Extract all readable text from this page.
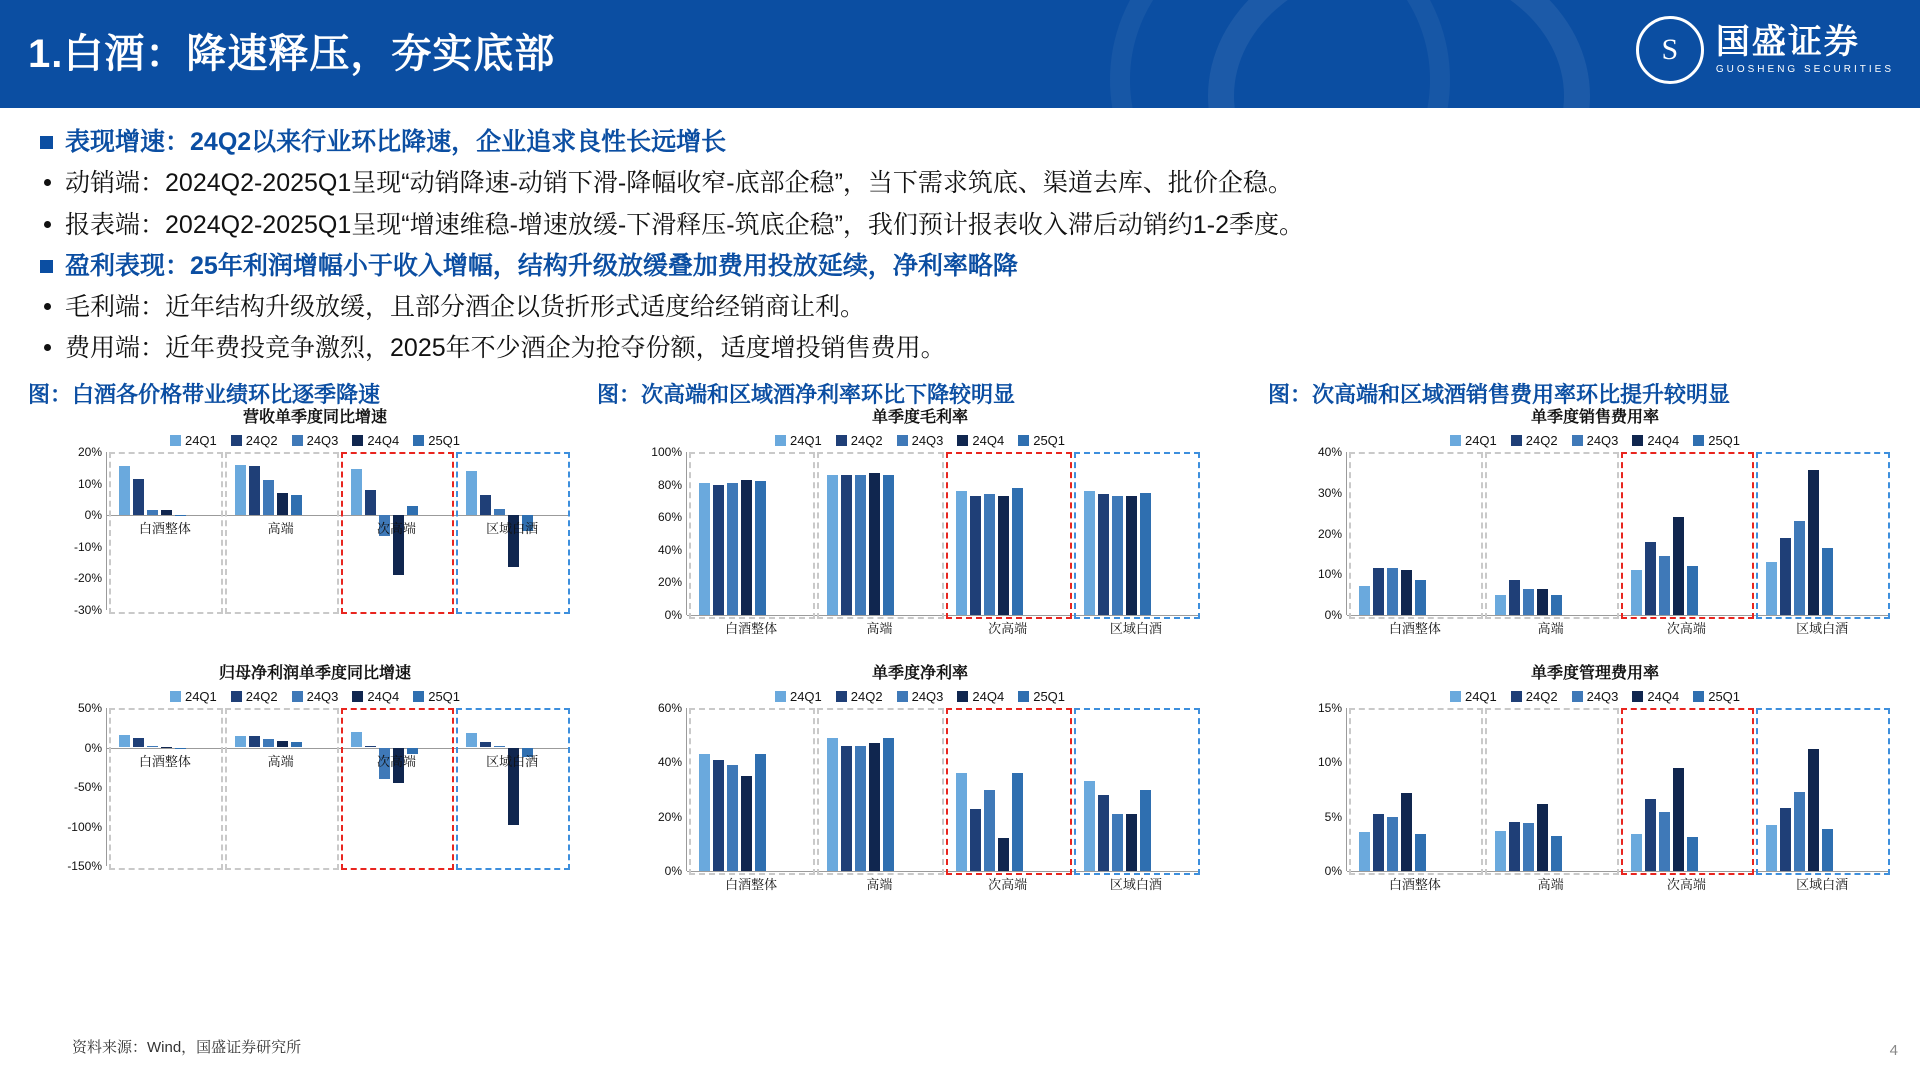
1.白酒：降速释压，夯实底部	S	国盛证券
GUOSHENG SECURITIES
表现增速：24Q2以来行业环比降速，企业追求良性长远增长
动销端：2024Q2-2025Q1呈现“动销降速-动销下滑-降幅收窄-底部企稳”，当下需求筑底、渠道去库、批价企稳。
报表端：2024Q2-2025Q1呈现“增速维稳-增速放缓-下滑释压-筑底企稳”，我们预计报表收入滞后动销约1-2季度。
盈利表现：25年利润增幅小于收入增幅，结构升级放缓叠加费用投放延续，净利率略降
毛利端：近年结构升级放缓，且部分酒企以货折形式适度给经销商让利。
费用端：近年费投竞争激烈，2025年不少酒企为抢夺份额，适度增投销售费用。
图：白酒各价格带业绩环比逐季降速	图：次高端和区域酒净利率环比下降较明显	图：次高端和区域酒销售费用率环比提升较明显
营收单季度同比增速
24Q1 24Q2 24Q3 24Q4 25Q1
20%
10%
0%
-10%
-20%
-30%
白酒整体	高端	次高端	区域白酒
归母净利润单季度同比增速
24Q1 24Q2 24Q3 24Q4 25Q1
50%
0%
-50%
-100%
-150%
白酒整体	高端	次高端	区域白酒
单季度毛利率
24Q1 24Q2 24Q3 24Q4 25Q1
100%
80%
60%
40%
20%
0%
白酒整体	高端	次高端	区域白酒
单季度净利率
24Q1 24Q2 24Q3 24Q4 25Q1
60%
40%
20%
0%
白酒整体	高端	次高端	区域白酒
单季度销售费用率
24Q1 24Q2 24Q3 24Q4 25Q1
40%
30%
20%
10%
0%
白酒整体	高端	次高端	区域白酒
单季度管理费用率
24Q1 24Q2 24Q3 24Q4 25Q1
15%
10%
5%
0%
白酒整体	高端	次高端	区域白酒
资料来源：Wind，国盛证券研究所	4
